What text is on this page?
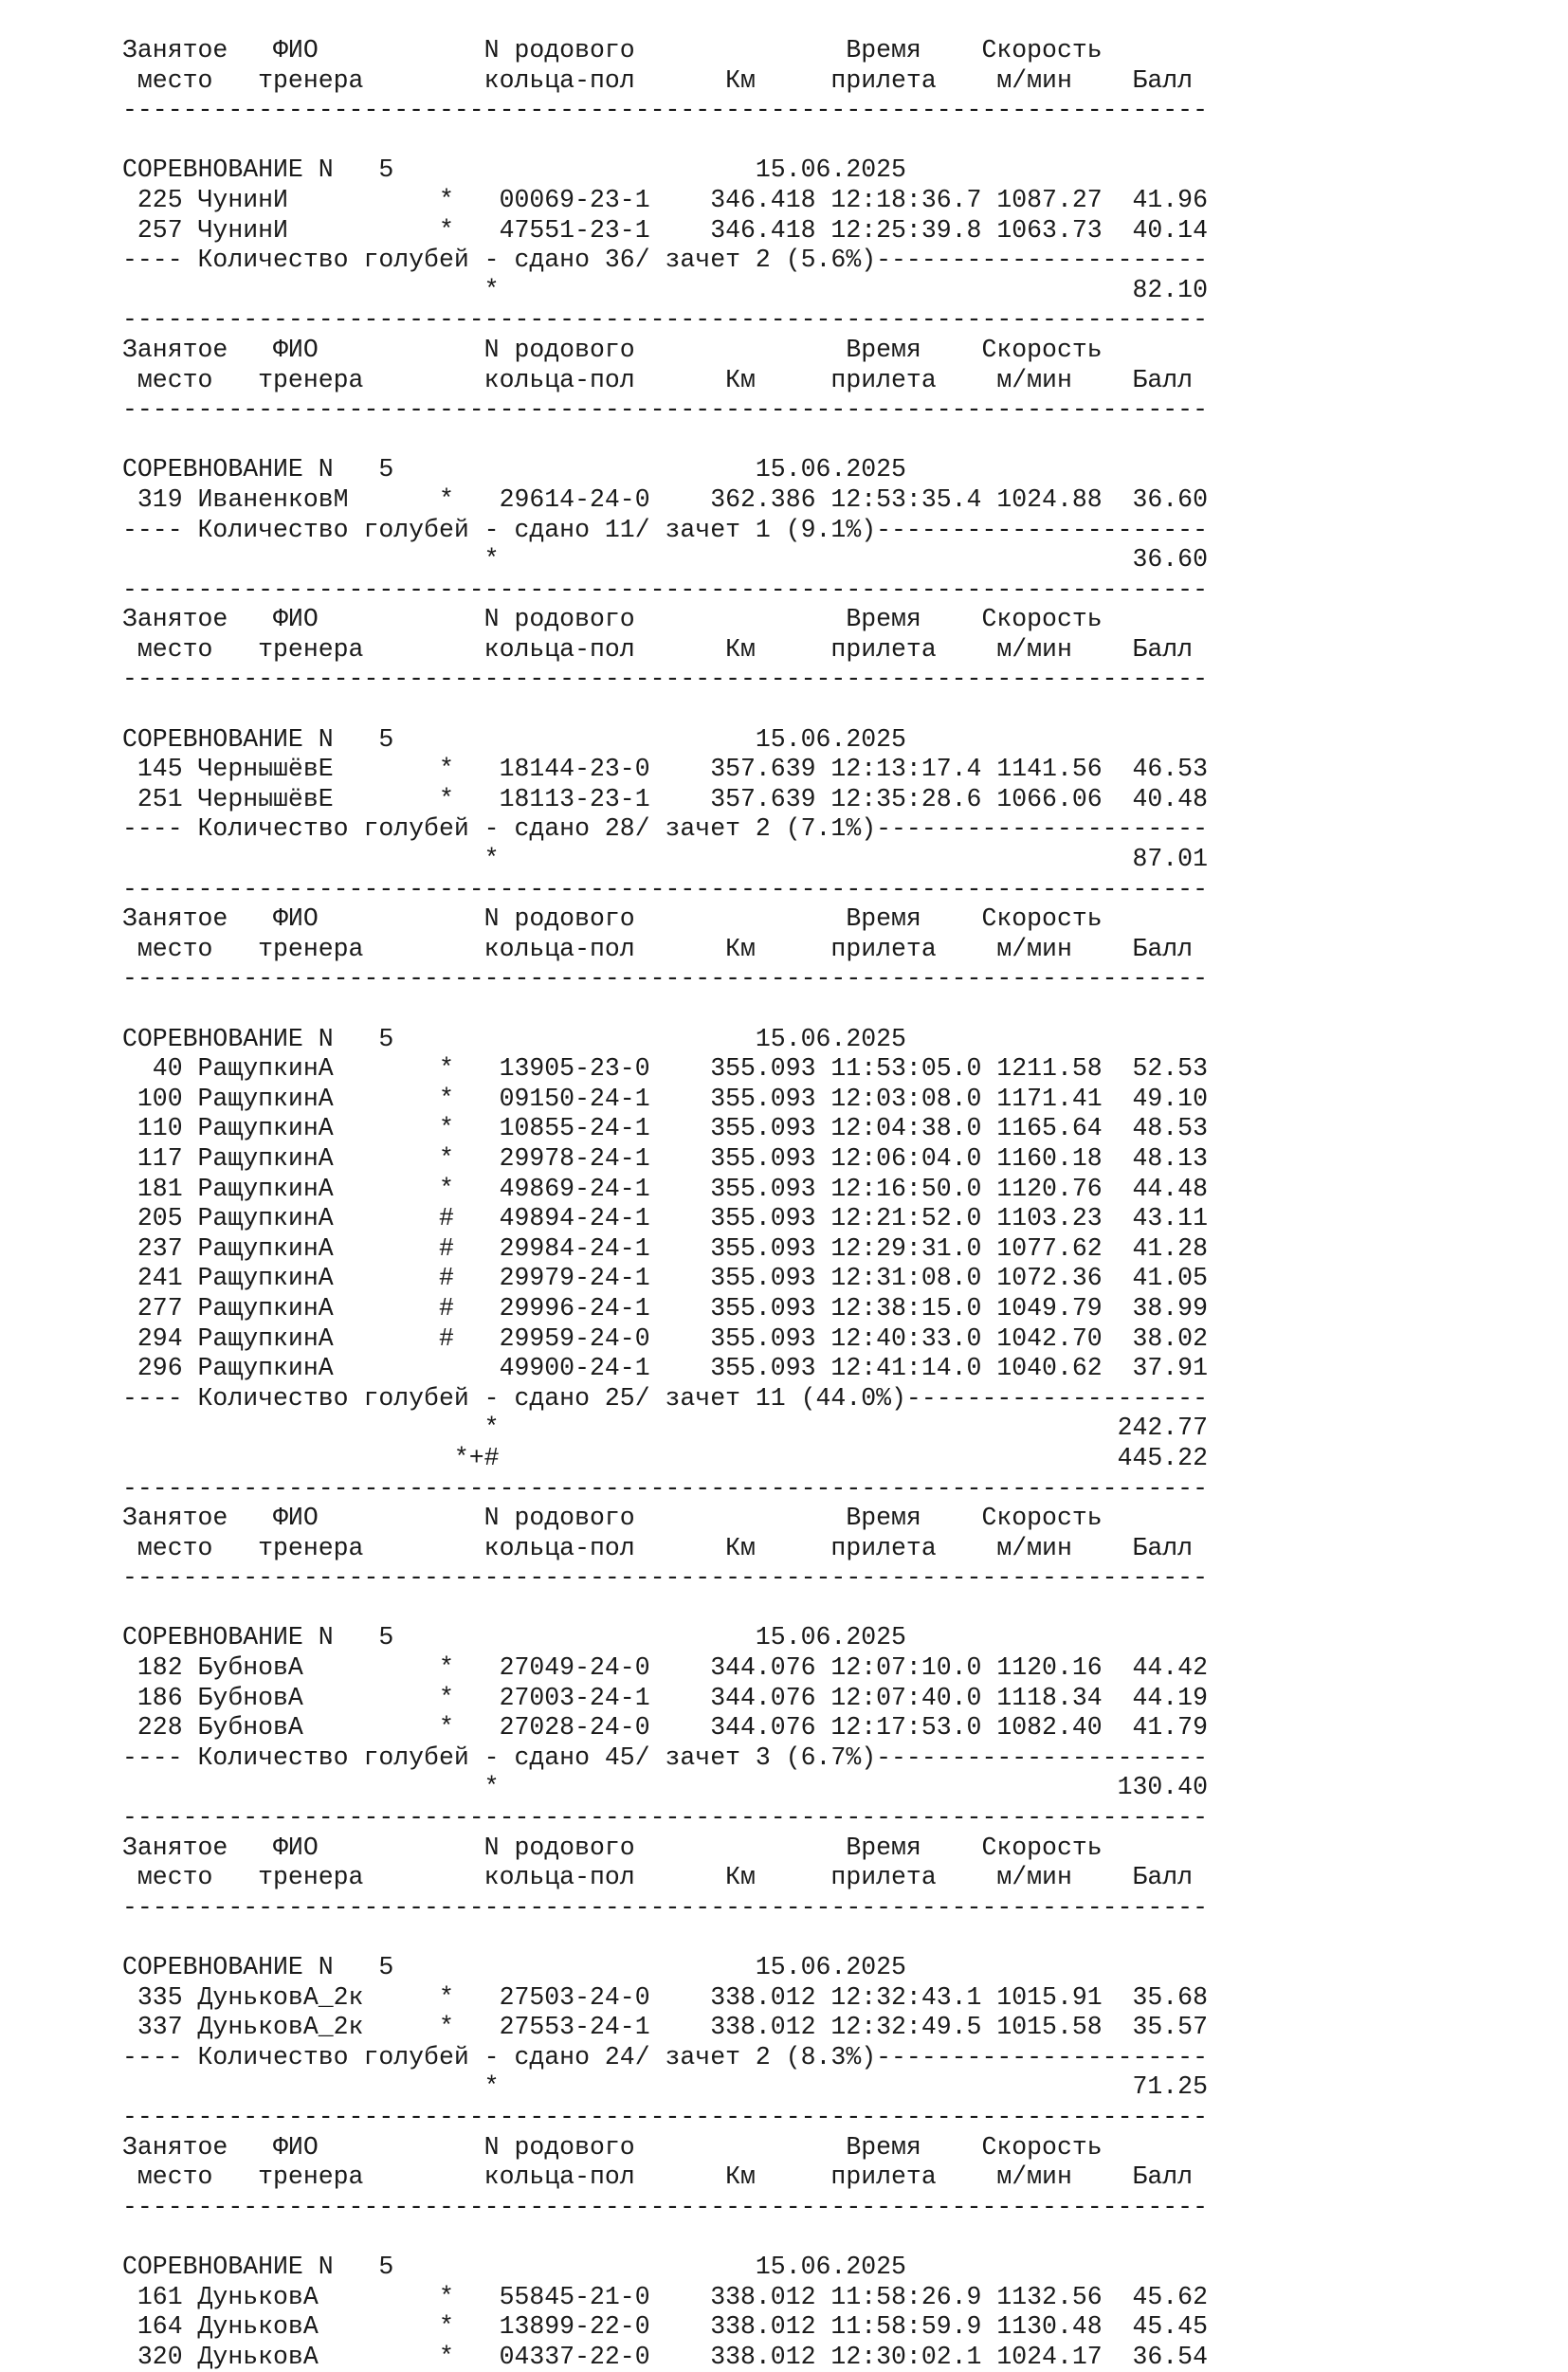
Занятое   ФИО           N родового              Время    Скорость
место   тренера        кольца-пол      Км     прилета    м/мин    Балл
------------------------------------------------------------------------
СОРЕВНОВАНИЕ N   5                        15.06.2025
225 ЧунинИ          *   00069-23-1    346.418 12:18:36.7 1087.27  41.96
257 ЧунинИ          *   47551-23-1    346.418 12:25:39.8 1063.73  40.14
---- Количество голубей - сдано 36/ зачет 2 (5.6%)----------------------
*                                          82.10
------------------------------------------------------------------------
Занятое   ФИО           N родового              Время    Скорость
место   тренера        кольца-пол      Км     прилета    м/мин    Балл
------------------------------------------------------------------------
СОРЕВНОВАНИЕ N   5                        15.06.2025
319 ИваненковМ      *   29614-24-0    362.386 12:53:35.4 1024.88  36.60
---- Количество голубей - сдано 11/ зачет 1 (9.1%)----------------------
*                                          36.60
------------------------------------------------------------------------
Занятое   ФИО           N родового              Время    Скорость
место   тренера        кольца-пол      Км     прилета    м/мин    Балл
------------------------------------------------------------------------
СОРЕВНОВАНИЕ N   5                        15.06.2025
145 ЧернышёвЕ       *   18144-23-0    357.639 12:13:17.4 1141.56  46.53
251 ЧернышёвЕ       *   18113-23-1    357.639 12:35:28.6 1066.06  40.48
---- Количество голубей - сдано 28/ зачет 2 (7.1%)----------------------
*                                          87.01
------------------------------------------------------------------------
Занятое   ФИО           N родового              Время    Скорость
место   тренера        кольца-пол      Км     прилета    м/мин    Балл
------------------------------------------------------------------------
СОРЕВНОВАНИЕ N   5                        15.06.2025
40 РащупкинА       *   13905-23-0    355.093 11:53:05.0 1211.58  52.53
100 РащупкинА       *   09150-24-1    355.093 12:03:08.0 1171.41  49.10
110 РащупкинА       *   10855-24-1    355.093 12:04:38.0 1165.64  48.53
117 РащупкинА       *   29978-24-1    355.093 12:06:04.0 1160.18  48.13
181 РащупкинА       *   49869-24-1    355.093 12:16:50.0 1120.76  44.48
205 РащупкинА       #   49894-24-1    355.093 12:21:52.0 1103.23  43.11
237 РащупкинА       #   29984-24-1    355.093 12:29:31.0 1077.62  41.28
241 РащупкинА       #   29979-24-1    355.093 12:31:08.0 1072.36  41.05
277 РащупкинА       #   29996-24-1    355.093 12:38:15.0 1049.79  38.99
294 РащупкинА       #   29959-24-0    355.093 12:40:33.0 1042.70  38.02
296 РащупкинА           49900-24-1    355.093 12:41:14.0 1040.62  37.91
---- Количество голубей - сдано 25/ зачет 11 (44.0%)--------------------
*                                         242.77
*+#                                         445.22
------------------------------------------------------------------------
Занятое   ФИО           N родового              Время    Скорость
место   тренера        кольца-пол      Км     прилета    м/мин    Балл
------------------------------------------------------------------------
СОРЕВНОВАНИЕ N   5                        15.06.2025
182 БубновА         *   27049-24-0    344.076 12:07:10.0 1120.16  44.42
186 БубновА         *   27003-24-1    344.076 12:07:40.0 1118.34  44.19
228 БубновА         *   27028-24-0    344.076 12:17:53.0 1082.40  41.79
---- Количество голубей - сдано 45/ зачет 3 (6.7%)----------------------
*                                         130.40
------------------------------------------------------------------------
Занятое   ФИО           N родового              Время    Скорость
место   тренера        кольца-пол      Км     прилета    м/мин    Балл
------------------------------------------------------------------------
СОРЕВНОВАНИЕ N   5                        15.06.2025
335 ДуньковА_2к     *   27503-24-0    338.012 12:32:43.1 1015.91  35.68
337 ДуньковА_2к     *   27553-24-1    338.012 12:32:49.5 1015.58  35.57
---- Количество голубей - сдано 24/ зачет 2 (8.3%)----------------------
*                                          71.25
------------------------------------------------------------------------
Занятое   ФИО           N родового              Время    Скорость
место   тренера        кольца-пол      Км     прилета    м/мин    Балл
------------------------------------------------------------------------
СОРЕВНОВАНИЕ N   5                        15.06.2025
161 ДуньковА        *   55845-21-0    338.012 11:58:26.9 1132.56  45.62
164 ДуньковА        *   13899-22-0    338.012 11:58:59.9 1130.48  45.45
320 ДуньковА        *   04337-22-0    338.012 12:30:02.1 1024.17  36.54
